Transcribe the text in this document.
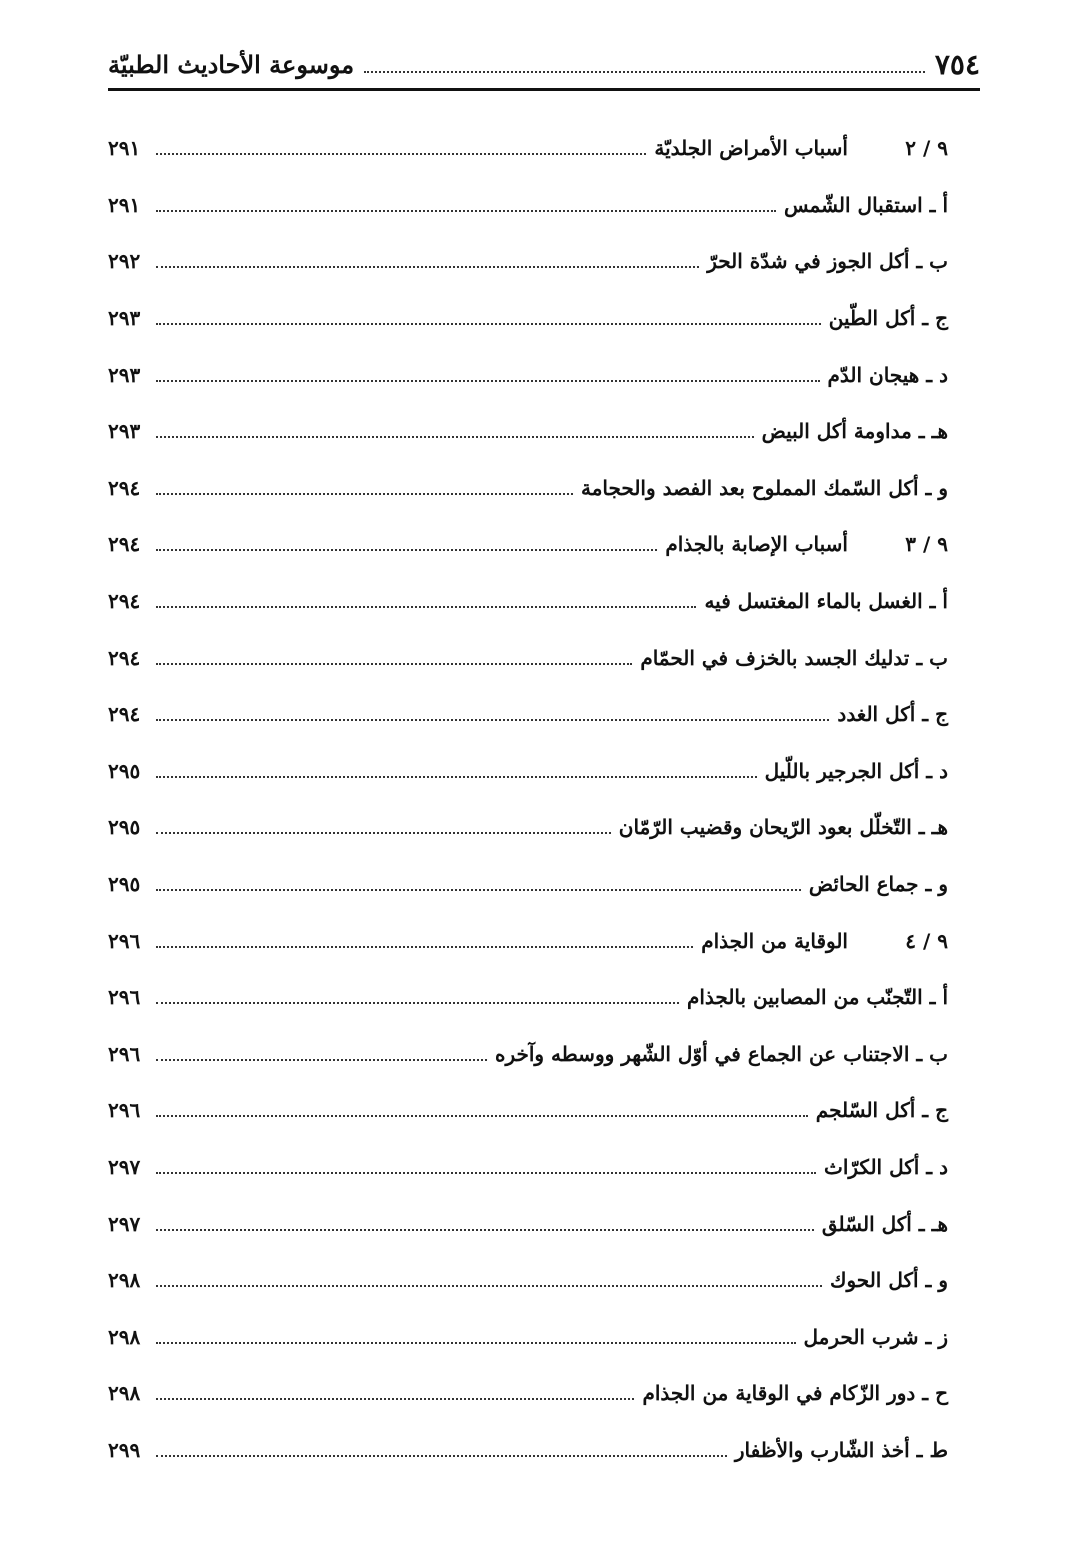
٧٥٤
موسوعة الأحاديث الطبيّة
٩ / ٢
أسباب الأمراض الجلديّة
٢٩١
أ ـ استقبال الشّمس
٢٩١
ب ـ أكل الجوز في شدّة الحرّ
٢٩٢
ج ـ أكل الطّين
٢٩٣
د ـ هيجان الدّم
٢٩٣
هـ ـ مداومة أكل البيض
٢٩٣
و ـ أكل السّمك المملوح بعد الفصد والحجامة
٢٩٤
٩ / ٣
أسباب الإصابة بالجذام
٢٩٤
أ ـ الغسل بالماء المغتسل فيه
٢٩٤
ب ـ تدليك الجسد بالخزف في الحمّام
٢٩٤
ج ـ أكل الغدد
٢٩٤
د ـ أكل الجرجير باللّيل
٢٩٥
هـ ـ التّخلّل بعود الرّيحان وقضيب الرّمّان
٢٩٥
و ـ جماع الحائض
٢٩٥
٩ / ٤
الوقاية من الجذام
٢٩٦
أ ـ التّجنّب من المصابين بالجذام
٢٩٦
ب ـ الاجتناب عن الجماع في أوّل الشّهر ووسطه وآخره
٢٩٦
ج ـ أكل السّلجم
٢٩٦
د ـ أكل الكرّاث
٢٩٧
هـ ـ أكل السّلق
٢٩٧
و ـ أكل الحوك
٢٩٨
ز ـ شرب الحرمل
٢٩٨
ح ـ دور الزّكام في الوقاية من الجذام
٢٩٨
ط ـ أخذ الشّارب والأظفار
٢٩٩
